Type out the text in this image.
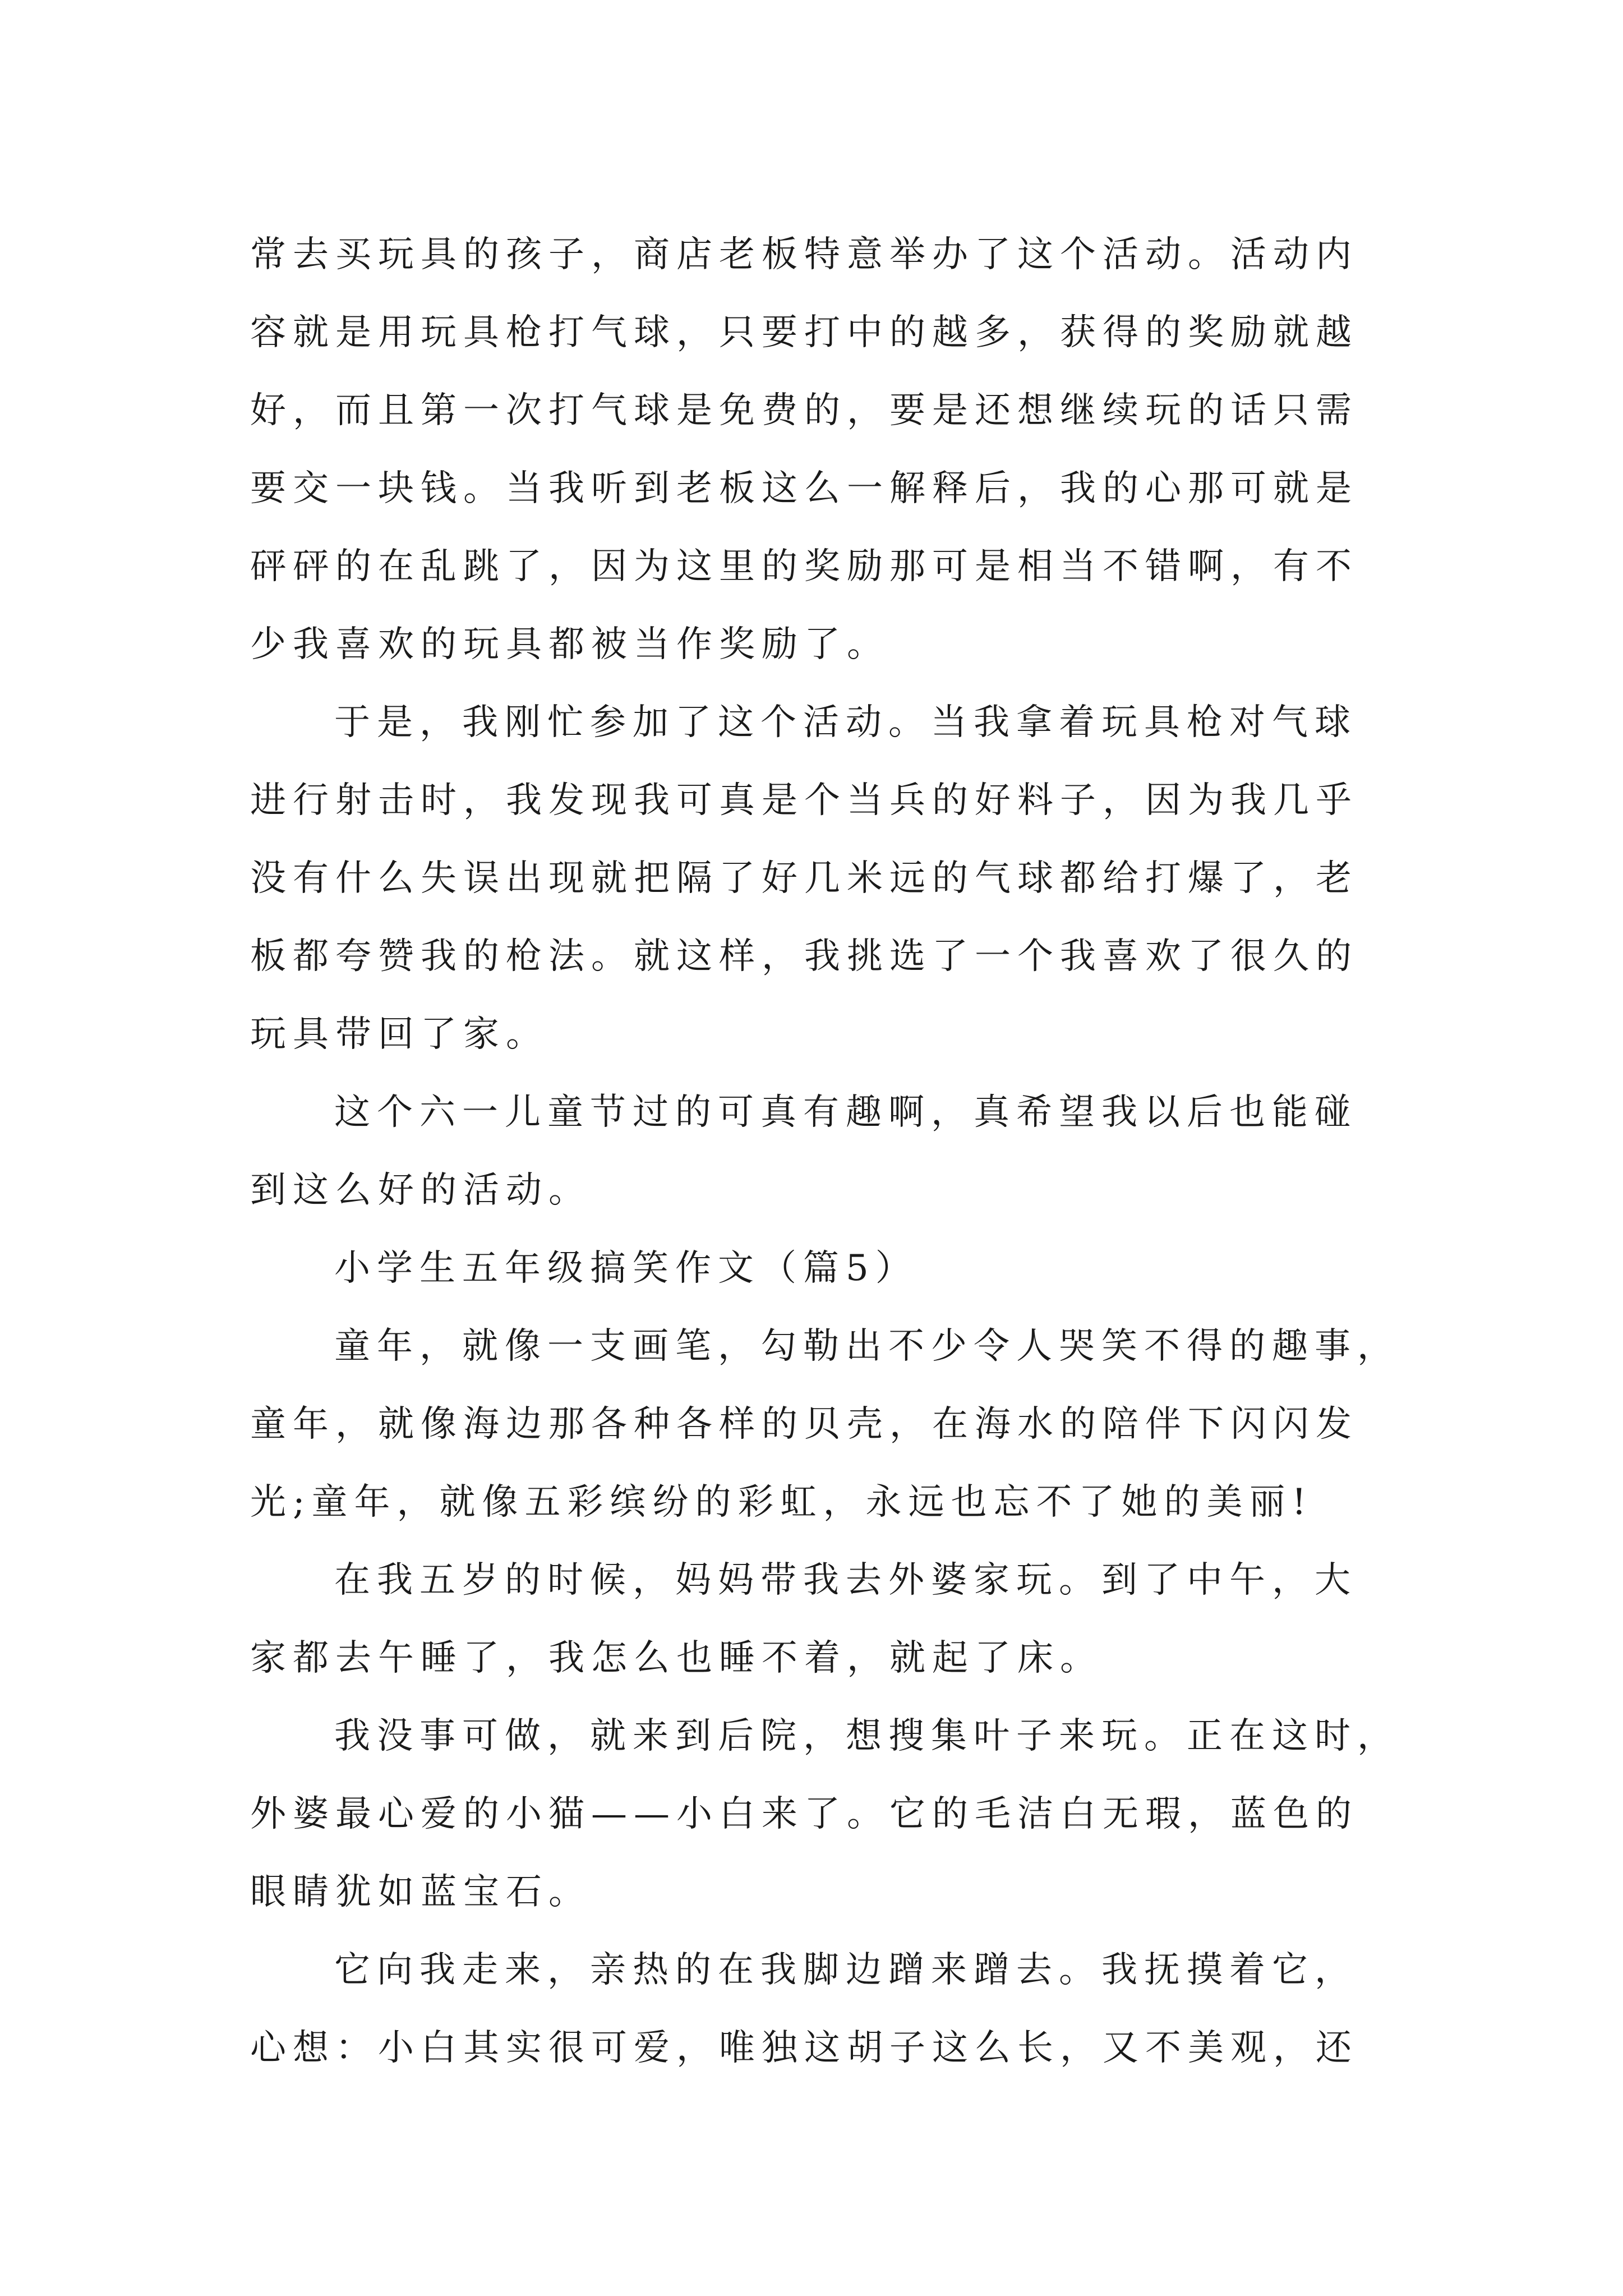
常去买玩具的孩子，商店老板特意举办了这个活动。活动内
容就是用玩具枪打气球，只要打中的越多，获得的奖励就越
好，而且第一次打气球是免费的，要是还想继续玩的话只需
要交一块钱。当我听到老板这么一解释后，我的心那可就是
砰砰的在乱跳了，因为这里的奖励那可是相当不错啊，有不
少我喜欢的玩具都被当作奖励了。
于是，我刚忙参加了这个活动。当我拿着玩具枪对气球
进行射击时，我发现我可真是个当兵的好料子，因为我几乎
没有什么失误出现就把隔了好几米远的气球都给打爆了，老
板都夸赞我的枪法。就这样，我挑选了一个我喜欢了很久的
玩具带回了家。
这个六一儿童节过的可真有趣啊，真希望我以后也能碰
到这么好的活动。
小学生五年级搞笑作文（篇5）
童年，就像一支画笔，勾勒出不少令人哭笑不得的趣事，
童年，就像海边那各种各样的贝壳，在海水的陪伴下闪闪发
光;童年，就像五彩缤纷的彩虹，永远也忘不了她的美丽!
在我五岁的时候，妈妈带我去外婆家玩。到了中午，大
家都去午睡了，我怎么也睡不着，就起了床。
我没事可做，就来到后院，想搜集叶子来玩。正在这时，
外婆最心爱的小猫——小白来了。它的毛洁白无瑕，蓝色的
眼睛犹如蓝宝石。
它向我走来，亲热的在我脚边蹭来蹭去。我抚摸着它，
心想：小白其实很可爱，唯独这胡子这么长，又不美观，还
